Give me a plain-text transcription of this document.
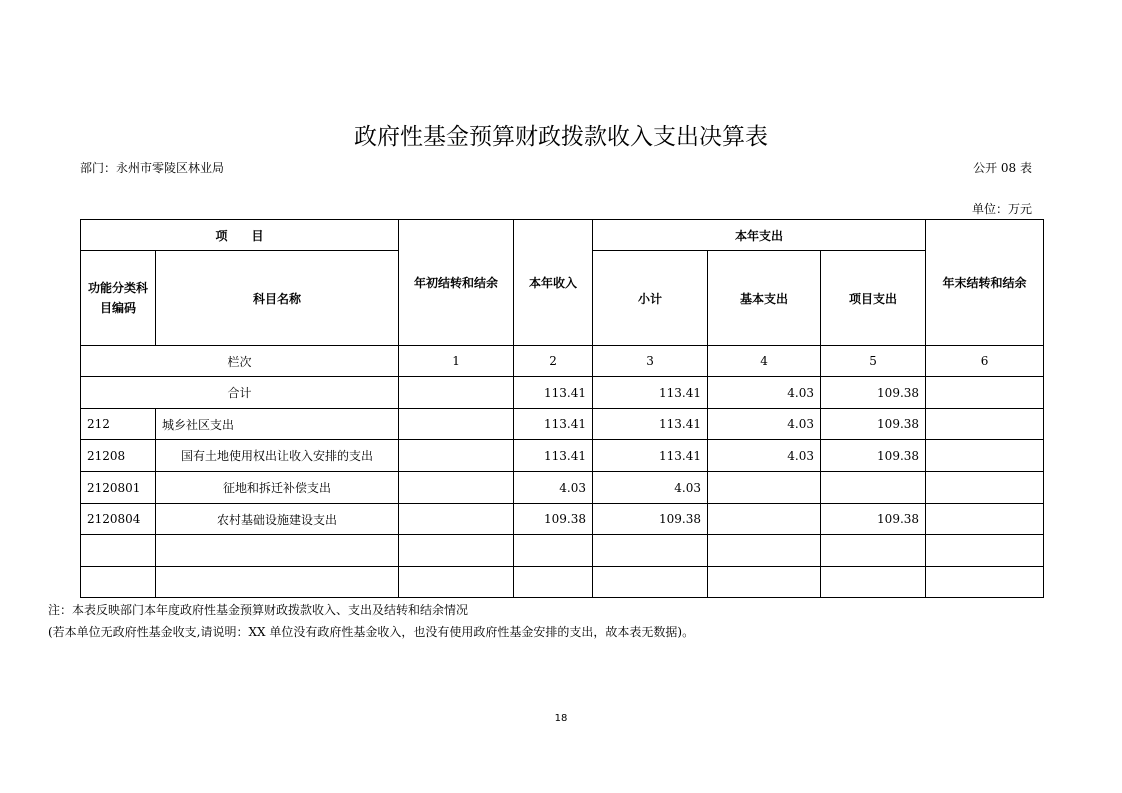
政府性基金预算财政拨款收入支出决算表
部门：永州市零陵区林业局	公开 08 表
单位：万元
项　　目		年初结转和结余	本年收入	本年支出			年末结转和结余
功能分类科目编码	科目名称			小计	基本支出	项目支出	
栏次		1	2	3	4	5	6
合计			113.41	113.41	4.03	109.38	
212	城乡社区支出		113.41	113.41	4.03	109.38	
21208	国有土地使用权出让收入安排的支出		113.41	113.41	4.03	109.38	
2120801	征地和拆迁补偿支出		4.03	4.03			
2120804	农村基础设施建设支出		109.38	109.38		109.38	

注：本表反映部门本年度政府性基金预算财政拨款收入、支出及结转和结余情况
(若本单位无政府性基金收支,请说明：XX 单位没有政府性基金收入，也没有使用政府性基金安排的支出，故本表无数据)。
18
